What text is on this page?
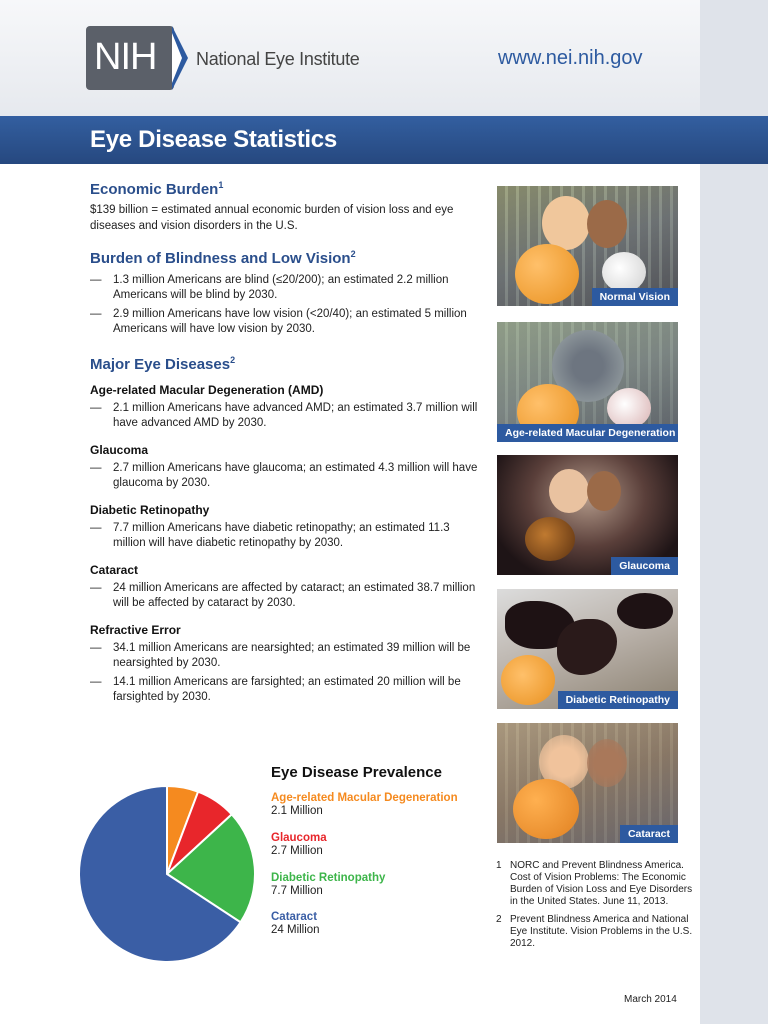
NIH National Eye Institute	www.nei.nih.gov
Eye Disease Statistics
Economic Burden$^1$

$139 billion = estimated annual economic burden of vision loss and eye diseases and vision disorders in the U.S.

Burden of Blindness and Low Vision$^2$
— 1.3 million Americans are blind (≤20/200); an estimated 2.2 million Americans will be blind by 2030.
— 2.9 million Americans have low vision (<20/40); an estimated 5 million Americans will have low vision by 2030.
Major Eye Diseases$^2$
Age-related Macular Degeneration (AMD)
— 2.1 million Americans have advanced AMD; an estimated 3.7 million will have advanced AMD by 2030.
Glaucoma
— 2.7 million Americans have glaucoma; an estimated 4.3 million will have glaucoma by 2030.
Diabetic Retinopathy
— 7.7 million Americans have diabetic retinopathy; an estimated 11.3 million will have diabetic retinopathy by 2030.
Cataract
— 24 million Americans are affected by cataract; an estimated 38.7 million will be affected by cataract by 2030.
Refractive Error
— 34.1 million Americans are nearsighted; an estimated 39 million will be nearsighted by 2030.
— 14.1 million Americans are farsighted; an estimated 20 million will be farsighted by 2030.
Normal Vision
Age-related Macular Degeneration
Glaucoma
Diabetic Retinopathy
Cataract
Eye Disease Prevalence
Age-related Macular Degeneration
2.1 Million
Glaucoma
2.7 Million
Diabetic Retinopathy
7.7 Million
Cataract
24 Million
1 NORC and Prevent Blindness America. Cost of Vision Problems: The Economic Burden of Vision Loss and Eye Disorders in the United States. June 11, 2013.
2 Prevent Blindness America and National Eye Institute. Vision Problems in the U.S. 2012.
March 2014
